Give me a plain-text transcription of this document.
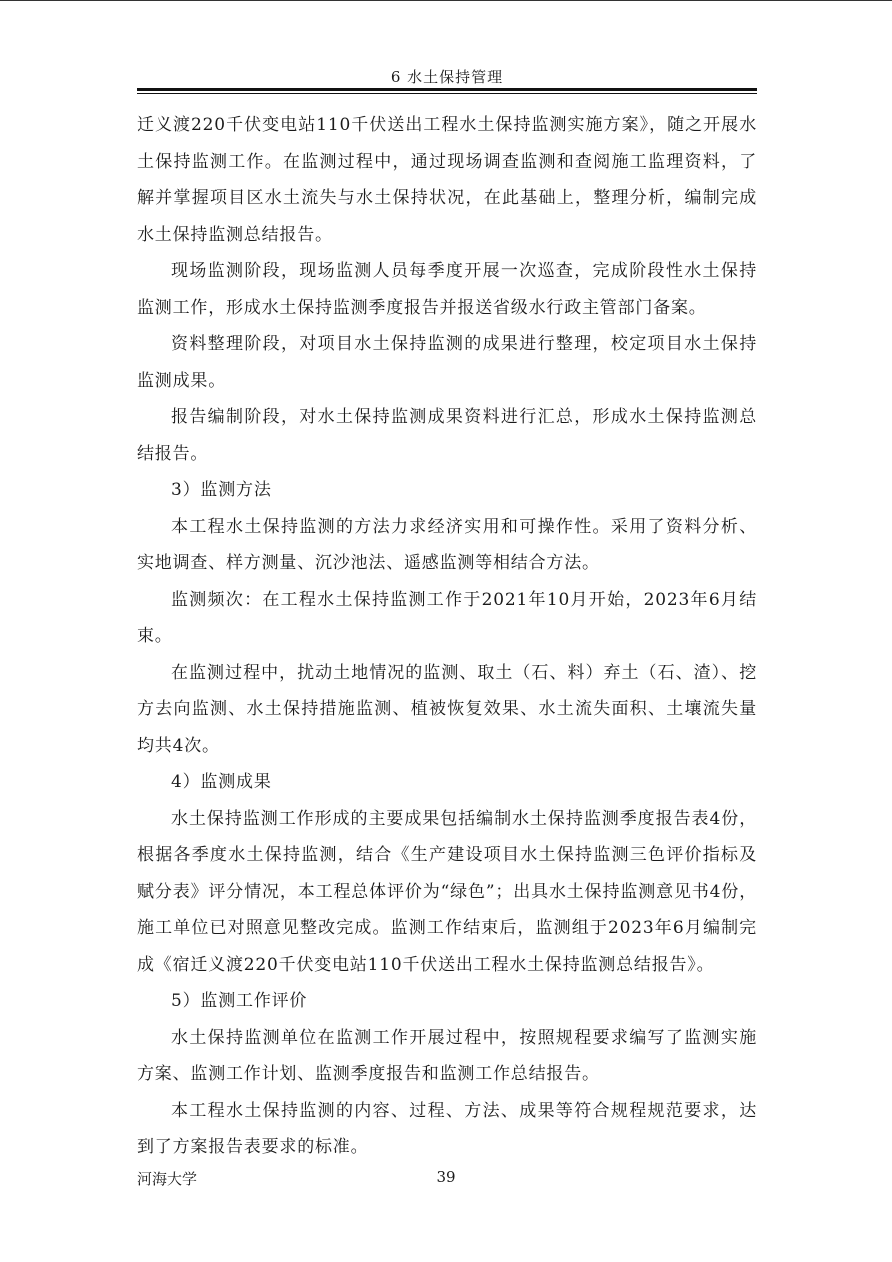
6 水土保持管理

迁义渡220千伏变电站110千伏送出工程水土保持监测实施方案》，随之开展水土保持监测工作。在监测过程中，通过现场调查监测和查阅施工监理资料，了解并掌握项目区水土流失与水土保持状况，在此基础上，整理分析，编制完成水土保持监测总结报告。

现场监测阶段，现场监测人员每季度开展一次巡查，完成阶段性水土保持监测工作，形成水土保持监测季度报告并报送省级水行政主管部门备案。

资料整理阶段，对项目水土保持监测的成果进行整理，校定项目水土保持监测成果。

报告编制阶段，对水土保持监测成果资料进行汇总，形成水土保持监测总结报告。

3）监测方法

本工程水土保持监测的方法力求经济实用和可操作性。采用了资料分析、实地调查、样方测量、沉沙池法、遥感监测等相结合方法。

监测频次：在工程水土保持监测工作于2021年10月开始，2023年6月结束。

在监测过程中，扰动土地情况的监测、取土（石、料）弃土（石、渣）、挖方去向监测、水土保持措施监测、植被恢复效果、水土流失面积、土壤流失量均共4次。

4）监测成果

水土保持监测工作形成的主要成果包括编制水土保持监测季度报告表4份，根据各季度水土保持监测，结合《生产建设项目水土保持监测三色评价指标及赋分表》评分情况，本工程总体评价为“绿色”；出具水土保持监测意见书4份，施工单位已对照意见整改完成。监测工作结束后，监测组于2023年6月编制完成《宿迁义渡220千伏变电站110千伏送出工程水土保持监测总结报告》。

5）监测工作评价

水土保持监测单位在监测工作开展过程中，按照规程要求编写了监测实施方案、监测工作计划、监测季度报告和监测工作总结报告。

本工程水土保持监测的内容、过程、方法、成果等符合规程规范要求，达到了方案报告表要求的标准。

河海大学	39
